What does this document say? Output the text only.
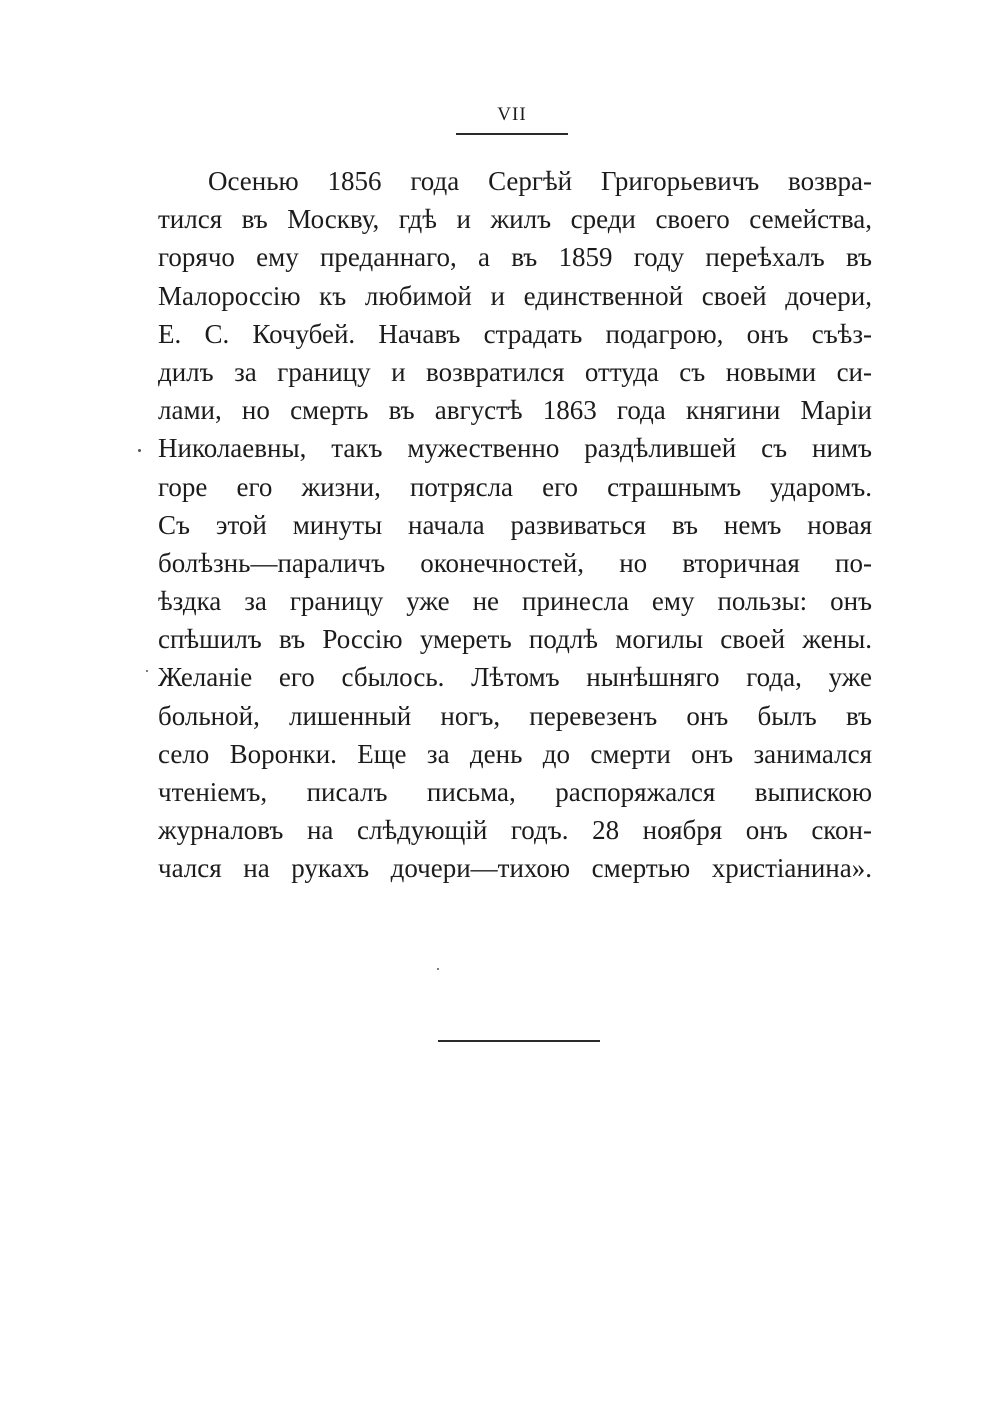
VII
Осенью 1856 года Сергѣй Григорьевичъ возвра-
тился въ Москву, гдѣ и жилъ среди своего семейства,
горячо ему преданнаго, а въ 1859 году переѣхалъ въ
Малороссію къ любимой и единственной своей дочери,
Е. С. Кочубей. Начавъ страдать подагрою, онъ съѣз-
дилъ за границу и возвратился оттуда съ новыми си-
лами, но смерть въ августѣ 1863 года княгини Маріи
Николаевны, такъ мужественно раздѣлившей съ нимъ
горе его жизни, потрясла его страшнымъ ударомъ.
Съ этой минуты начала развиваться въ немъ новая
болѣзнь—параличъ оконечностей, но вторичная по-
ѣздка за границу уже не принесла ему пользы: онъ
спѣшилъ въ Россію умереть подлѣ могилы своей жены.
Желаніе его сбылось. Лѣтомъ нынѣшняго года, уже
больной, лишенный ногъ, перевезенъ онъ былъ въ
село Воронки. Еще за день до смерти онъ занимался
чтеніемъ, писалъ письма, распоряжался выпискою
журналовъ на слѣдующій годъ. 28 ноября онъ скон-
чался на рукахъ дочери—тихою смертью христіанина».
